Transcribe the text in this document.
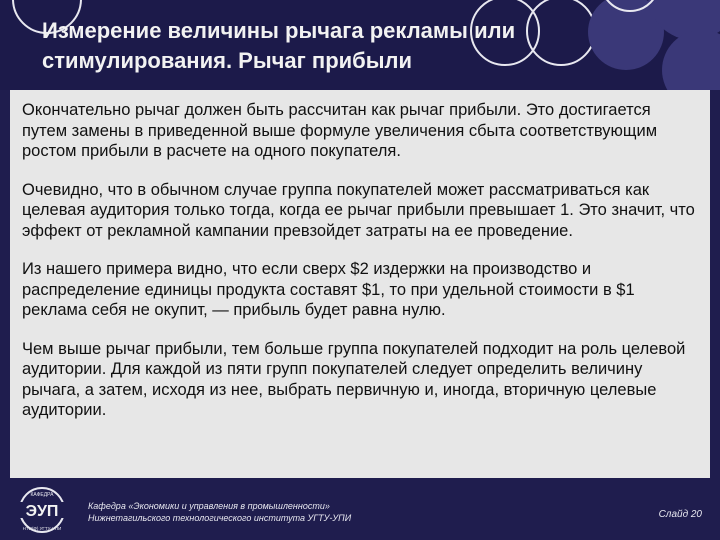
Измерение величины рычага рекламы или стимулирования. Рычаг прибыли

Окончательно рычаг должен быть рассчитан как рычаг прибыли. Это достигается путем замены в приведенной выше формуле увеличения сбыта соответствующим ростом прибыли в расчете на одного покупателя.

Очевидно, что в обычном случае группа покупателей может рассматриваться как целевая аудитория только тогда, когда ее рычаг прибыли превышает 1. Это значит, что эффект от рекламной кампании превзойдет затраты на ее проведение.

Из нашего примера видно, что если сверх $2 издержки на производство и распределение единицы продукта составят $1, то при удельной стоимости в $1 реклама себя не окупит, — прибыль будет равна нулю.

Чем выше рычаг прибыли, тем больше группа покупателей подходит на роль целевой аудитории. Для каждой из пяти групп покупателей следует определить величину рычага, а затем, исходя из нее, выбрать первичную и, иногда, вторичную целевые аудитории.

ЭУП
КАФЕДРА
НТИ(Ф) УГТУ-УПИ
Кафедра «Экономики и управления в промышленности»
Нижнетагильского технологического института УГТУ-УПИ	Слайд 20
